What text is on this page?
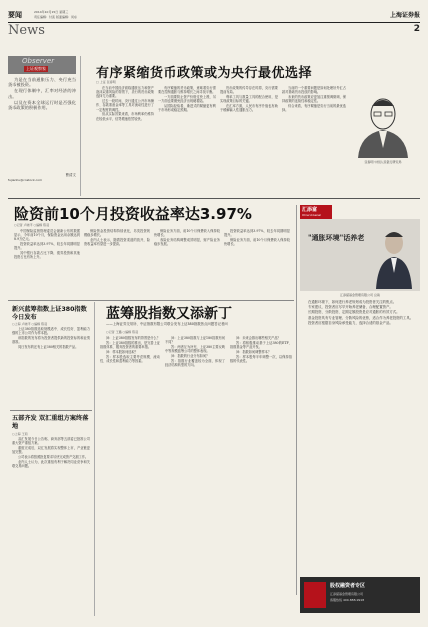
要闻	2014年10月15日 星期三
责任编辑：付流 版面编辑：何东	上海证券报
News	2
Observer
上证观察家

为是在当前通胀压力、央行充当货币被投资。

在现行体制中，汇率对经济的冲击。

以及在资本全球运行时是否强化货币政策的积极作用。

曹清文
fujianhu@cnstock.com
有序紧缩货币政策或为央行最优选择
□ 上证 张春明

在当前中国经济面临通胀压力和资产泡沫双重风险的背景下，央行的货币政策选择尤为重要。

过去一段时间，央行通过公开市场操作、存款准备金率等工具对流动性进行了一定程度的调控。

但从实际效果来看，市场利率仍维持在较低水平，信贷增速依然较快。

有序紧缩的货币政策，意味着央行需要在控制通胀与维持增长之间寻找平衡。

一方面要防止资产价格过快上涨，另一方面也要避免经济出现硬着陆。

从国际经验看，渐进式的紧缩更有利于市场形成稳定预期。

货币政策的传导存在时滞，央行需要提前布局。

利率工具与数量工具的配合使用，是实现政策目标的关键。

在汇率方面，人民币有序升值也有助于缓解输入性通胀压力。

当前的一个重要问题是如何处理好外汇占款对基础货币投放的影响。

未来的货币政策应更加注重预调微调，保持政策的连续性和稳定性。

综合来看，有序紧缩是央行当前的最优选择。

张春明 中国人民银行研究局
险资前10个月投资收益率达3.97%
○记者 卢晓平 ○编辑 陈羽

中国保险监督管理委员会最新公布的数据显示，今年前10个月，保险资金运用余额达到8.9万亿元。

投资收益率达到3.97%，较去年同期明显提升。

其中银行存款占比下降，债券投资和其他投资占比有所上升。

保险资金投资结构持续优化，另类投资规模稳步增长。

业内人士表示，随着投资渠道的放开，险资收益率有望进一步提高。

保险业务方面，前10个月保费收入保持较快增长。

寿险业务结构调整成效明显，财产险业务稳步发展。

投资收益率达到3.97%，较去年同期明显提升。

保险业务方面，前10个月保费收入保持较快增长。

汇添富
China Universal
"通胀环境"话养老
汇添富基金管理有限公司 总裁

在通胀环境下，如何进行养老规划成为投资者关注的焦点。

专家建议，投资者应尽早开始养老储备，合理配置资产。

长期投资、分散投资、定期定额投资是应对通胀的有效方式。

基金投资具有专业管理、分散风险的优势，适合作为养老投资的工具。

投资者应根据自身风险承受能力，选择合适的基金产品。

股权融资者专区
汇添富基金管理有限公司
客服热线 400-888-9918
新兴蓝筹指数上证380指数今日发布
○上海 卢晓平 ○编辑 陈羽

上证380指数选取规模适中、成长性好、盈利能力强的上市公司作为样本股。

该指数的发布将为投资者提供新的投资标的和业绩基准。

同日发布的还有上证380相关的指数产品。

五部齐发 双汇重组方案终落地
○上海 王莉

双汇发展今日公告称，商务部等五部委已批准公司重大资产重组方案。

重组完成后，双汇发展将实现整体上市，产业链更加完整。

公司表示将按照批复要求尽快完成资产交割工作。

业内人士认为，此次重组有利于解决同业竞争和关联交易问题。

蓝筹股指数又添新丁
——上海证券交易所、中证指数有限公司联合发布上证380指数热点问题答记者问
○记者 王璐 ○编辑 陈羽

问：上证380指数发布的背景是什么？

答：上证380指数的推出，是完善上证指数体系、服务投资者的重要举措。

问：样本股如何选取？

答：样本股选取主要考虑规模、流动性、成长性和盈利能力等因素。

问：上证380指数与上证180指数有何不同？

答：两者互为补充，上证380主要反映中等规模蓝筹公司的整体表现。

问：指数的行业分布如何？

答：指数行业覆盖较为全面，体现了经济结构转型的方向。

问：未来会推出哪些相关产品？

答：将积极推动基于上证380的ETF、指数基金等产品开发。

问：指数如何调整样本？

答：样本股每半年调整一次，以保持指数的代表性。
